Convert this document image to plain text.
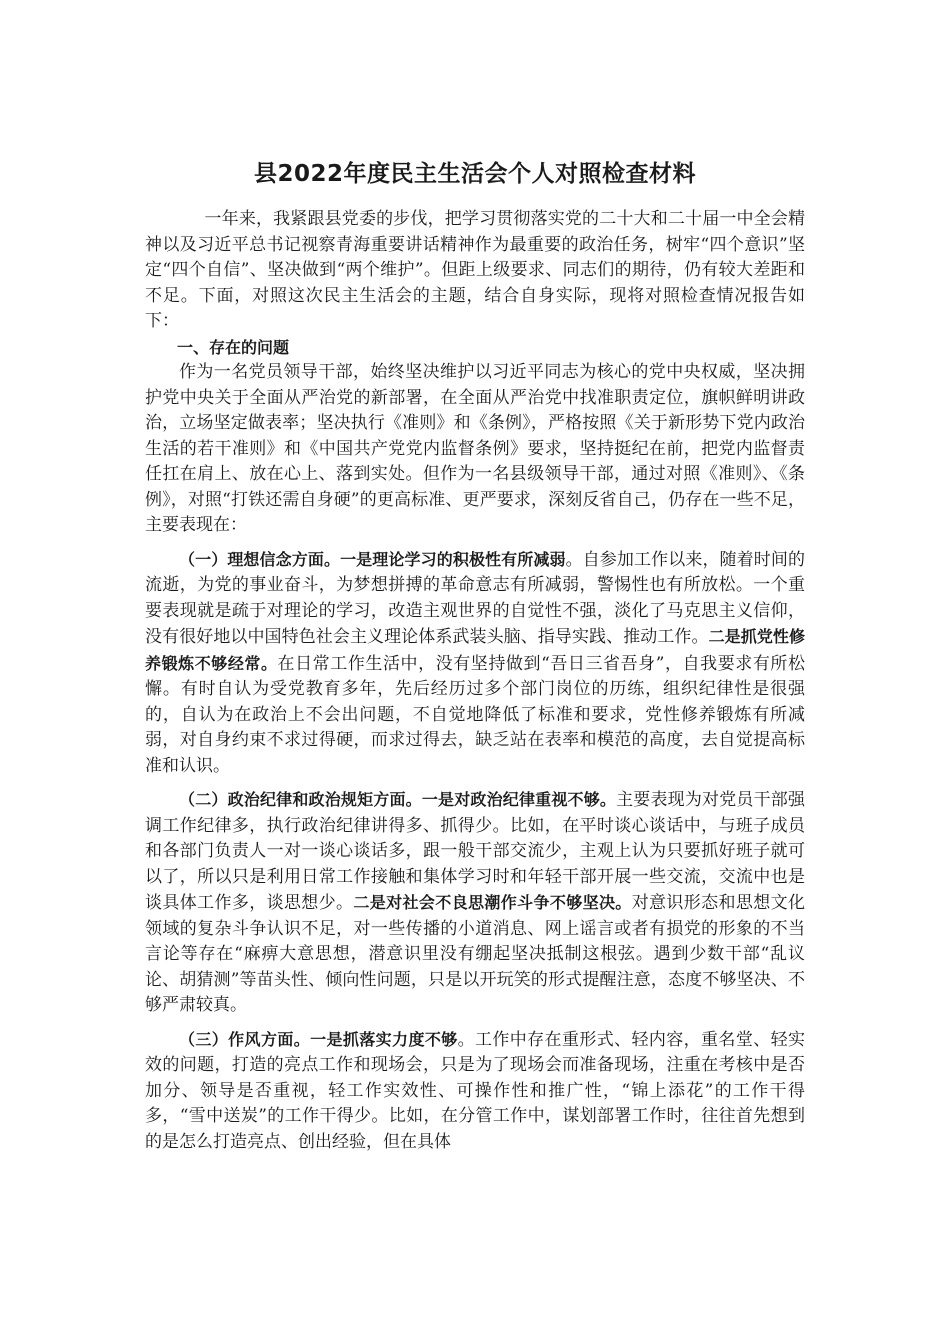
县2022年度民主生活会个人对照检查材料

一年来，我紧跟县党委的步伐，把学习贯彻落实党的二十大和二十届一中全会精神以及习近平总书记视察青海重要讲话精神作为最重要的政治任务，树牢“四个意识”坚定“四个自信”、坚决做到“两个维护”。但距上级要求、同志们的期待，仍有较大差距和不足。下面，对照这次民主生活会的主题，结合自身实际，现将对照检查情况报告如下：

一、存在的问题

作为一名党员领导干部，始终坚决维护以习近平同志为核心的党中央权威，坚决拥护党中央关于全面从严治党的新部署，在全面从严治党中找准职责定位，旗帜鲜明讲政治，立场坚定做表率；坚决执行《准则》和《条例》，严格按照《关于新形势下党内政治生活的若干准则》和《中国共产党党内监督条例》要求，坚持挺纪在前，把党内监督责任扛在肩上、放在心上、落到实处。但作为一名县级领导干部，通过对照《准则》、《条例》，对照“打铁还需自身硬”的更高标准、更严要求，深刻反省自己，仍存在一些不足，主要表现在：

（一）理想信念方面。一是理论学习的积极性有所减弱。自参加工作以来，随着时间的流逝，为党的事业奋斗，为梦想拼搏的革命意志有所减弱，警惕性也有所放松。一个重要表现就是疏于对理论的学习，改造主观世界的自觉性不强，淡化了马克思主义信仰，没有很好地以中国特色社会主义理论体系武装头脑、指导实践、推动工作。二是抓党性修养锻炼不够经常。在日常工作生活中，没有坚持做到“吾日三省吾身”，自我要求有所松懈。有时自认为受党教育多年，先后经历过多个部门岗位的历练，组织纪律性是很强的，自认为在政治上不会出问题，不自觉地降低了标准和要求，党性修养锻炼有所减弱，对自身约束不求过得硬，而求过得去，缺乏站在表率和模范的高度，去自觉提高标准和认识。

（二）政治纪律和政治规矩方面。一是对政治纪律重视不够。主要表现为对党员干部强调工作纪律多，执行政治纪律讲得多、抓得少。比如，在平时谈心谈话中，与班子成员和各部门负责人一对一谈心谈话多，跟一般干部交流少，主观上认为只要抓好班子就可以了，所以只是利用日常工作接触和集体学习时和年轻干部开展一些交流，交流中也是谈具体工作多，谈思想少。二是对社会不良思潮作斗争不够坚决。对意识形态和思想文化领域的复杂斗争认识不足，对一些传播的小道消息、网上谣言或者有损党的形象的不当言论等存在“麻痹大意思想，潜意识里没有绷起坚决抵制这根弦。遇到少数干部“乱议论、胡猜测”等苗头性、倾向性问题，只是以开玩笑的形式提醒注意，态度不够坚决、不够严肃较真。

（三）作风方面。一是抓落实力度不够。工作中存在重形式、轻内容，重名堂、轻实效的问题，打造的亮点工作和现场会，只是为了现场会而准备现场，注重在考核中是否加分、领导是否重视，轻工作实效性、可操作性和推广性，“锦上添花”的工作干得多，“雪中送炭”的工作干得少。比如，在分管工作中，谋划部署工作时，往往首先想到的是怎么打造亮点、创出经验，但在具体
